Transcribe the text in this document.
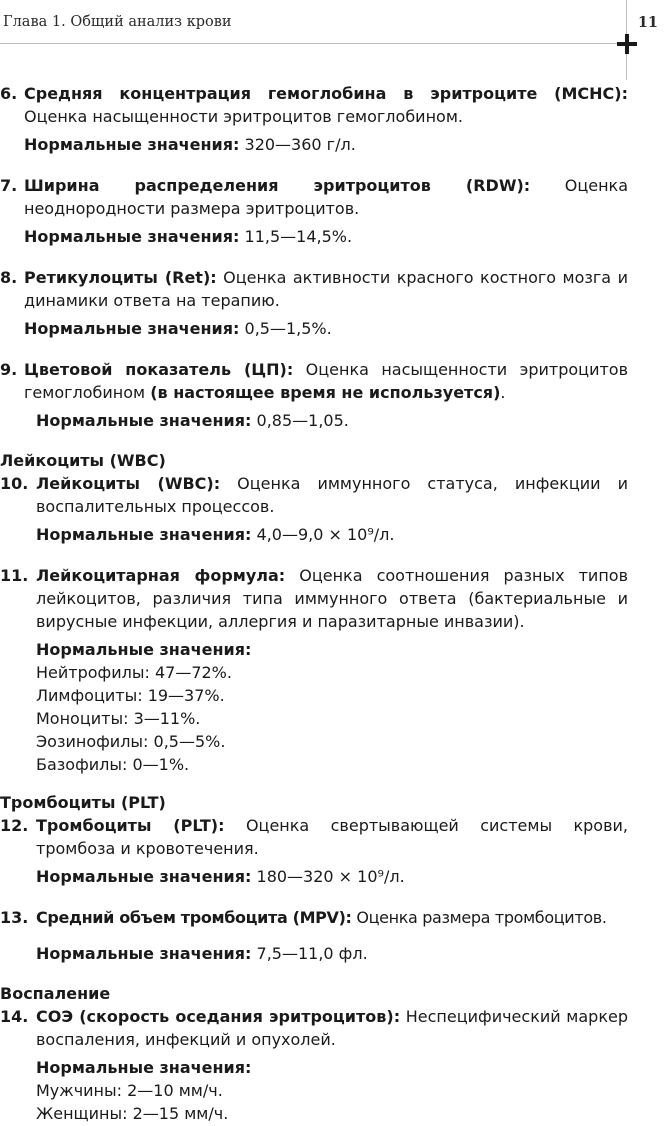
Глава 1. Общий анализ крови	11
6. Средняя концентрация гемоглобина в эритроците (MCHC):
Оценка насыщенности эритроцитов гемоглобином.
Нормальные значения: 320—360 г/л.
7. Ширина распределения эритроцитов (RDW): Оценка неоднородности размера эритроцитов.
Нормальные значения: 11,5—14,5%.
8. Ретикулоциты (Ret): Оценка активности красного костного мозга и динамики ответа на терапию.
Нормальные значения: 0,5—1,5%.
9. Цветовой показатель (ЦП): Оценка насыщенности эритроцитов гемоглобином (в настоящее время не используется).
Нормальные значения: 0,85—1,05.
Лейкоциты (WBC)
10. Лейкоциты (WBC): Оценка иммунного статуса, инфекции и воспалительных процессов.
Нормальные значения: 4,0—9,0 × 10⁹/л.
11. Лейкоцитарная формула: Оценка соотношения разных типов лейкоцитов, различия типа иммунного ответа (бактериальные и вирусные инфекции, аллергия и паразитарные инвазии).
Нормальные значения:
Нейтрофилы: 47—72%.
Лимфоциты: 19—37%.
Моноциты: 3—11%.
Эозинофилы: 0,5—5%.
Базофилы: 0—1%.
Тромбоциты (PLT)
12. Тромбоциты (PLT): Оценка свертывающей системы крови, тромбоза и кровотечения.
Нормальные значения: 180—320 × 10⁹/л.
13. Средний объем тромбоцита (MPV): Оценка размера тромбоцитов.
Нормальные значения: 7,5—11,0 фл.
Воспаление
14. СОЭ (скорость оседания эритроцитов): Неспецифический маркер воспаления, инфекций и опухолей.
Нормальные значения:
Мужчины: 2—10 мм/ч.
Женщины: 2—15 мм/ч.
